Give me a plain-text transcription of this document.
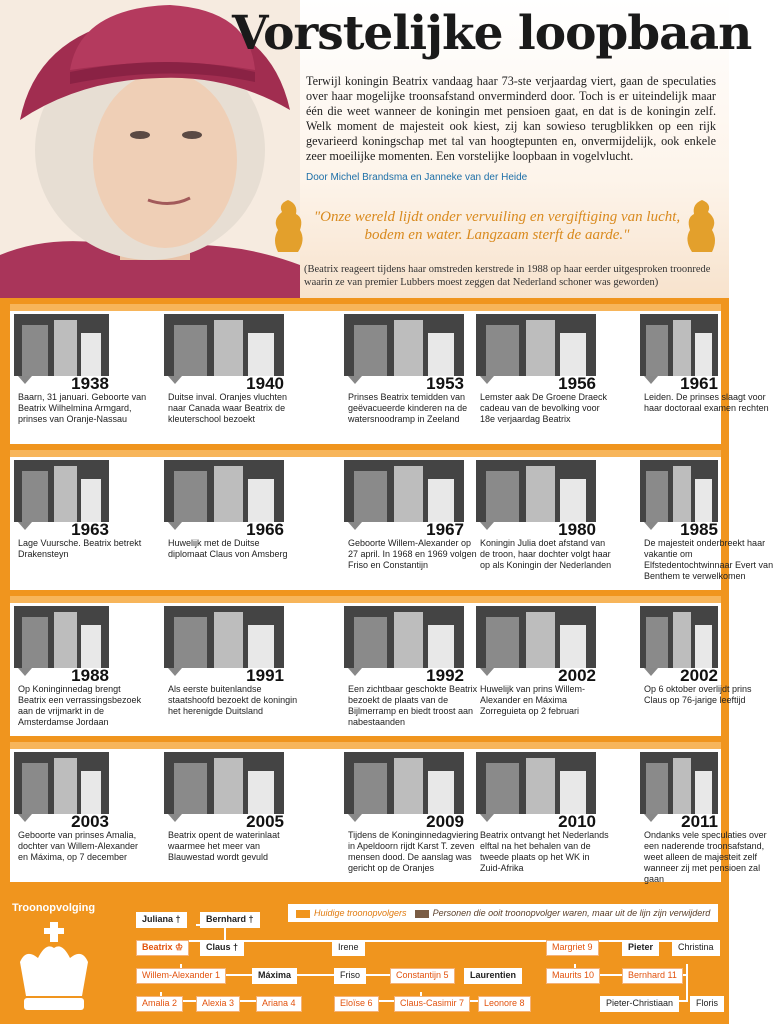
Vorstelijke loopbaan

Terwijl koningin Beatrix vandaag haar 73-ste verjaardag viert, gaan de speculaties over haar mogelijke troonsafstand onverminderd door. Toch is er uiteindelijk maar één die weet wanneer de koningin met pensioen gaat, en dat is de koningin zelf. Welk moment de majesteit ook kiest, zij kan sowieso terugblikken op een rijk gevarieerd koningschap met tal van hoogtepunten en, onvermijdelijk, ook enkele zeer moeilijke momenten. Een vorstelijke loopbaan in vogelvlucht.

Door Michel Brandsma en Janneke van der Heide
"Onze wereld lijdt onder vervuiling en vergiftiging van lucht, bodem en water. Langzaam sterft de aarde."

(Beatrix reageert tijdens haar omstreden kerstrede in 1988 op haar eerder uitgesproken troonrede waarin ze van premier Lubbers moest zeggen dat Nederland schoner was geworden)

1938
Baarn, 31 januari. Geboorte van Beatrix Wilhelmina Armgard, prinses van Oranje-Nassau
1940
Duitse inval. Oranjes vluchten naar Canada waar Beatrix de kleuterschool bezoekt
1953
Prinses Beatrix temidden van geëvacueerde kinderen na de watersnoodramp in Zeeland
1956
Lemster aak De Groene Draeck cadeau van de bevolking voor 18e verjaardag Beatrix
1961
Leiden. De prinses slaagt voor haar doctoraal examen rechten
1963
Lage Vuursche. Beatrix betrekt Drakensteyn
1966
Huwelijk met de Duitse diplomaat Claus von Amsberg
1967
Geboorte Willem-Alexander op 27 april. In 1968 en 1969 volgen Friso en Constantijn
1980
Koningin Julia doet afstand van de troon, haar dochter volgt haar op als Koningin der Nederlanden
1985
De majesteit onderbreekt haar vakantie om Elfstedentochtwinnaar Evert van Benthem te verwelkomen
1988
Op Koninginnedag brengt Beatrix een verrassingsbezoek aan de vrijmarkt in de Amsterdamse Jordaan
1991
Als eerste buitenlandse staatshoofd bezoekt de koningin het herenigde Duitsland
1992
Een zichtbaar geschokte Beatrix bezoekt de plaats van de Bijlmerramp en biedt troost aan nabestaanden
2002
Huwelijk van prins Willem-Alexander en Máxima Zorreguieta op 2 februari
2002
Op 6 oktober overlijdt prins Claus op 76-jarige leeftijd
2003
Geboorte van prinses Amalia, dochter van Willem-Alexander en Máxima, op 7 december
2005
Beatrix opent de waterinlaat waarmee het meer van Blauwestad wordt gevuld
2009
Tijdens de Koninginnedagviering in Apeldoorn rijdt Karst T. zeven mensen dood. De aanslag was gericht op de Oranjes
2010
Beatrix ontvangt het Nederlands elftal na het behalen van de tweede plaats op het WK in Zuid-Afrika
2011
Ondanks vele speculaties over een naderende troonsafstand, weet alleen de majesteit zelf wanneer zij met pensioen zal gaan
Troonopvolging	Huidige troonopvolgers	Personen die ooit troonopvolger waren, maar uit de lijn zijn verwijderd
Juliana †	Bernhard †
Beatrix ♔	Claus †	Irene	Margriet 9	Pieter	Christina
Willem-Alexander 1	Máxima	Friso	Constantijn 5	Laurentien	Maurits 10	Bernhard 11
Amalia 2	Alexia 3	Ariana 4	Eloïse 6	Claus-Casimir 7	Leonore 8	Pieter-Christiaan	Floris
